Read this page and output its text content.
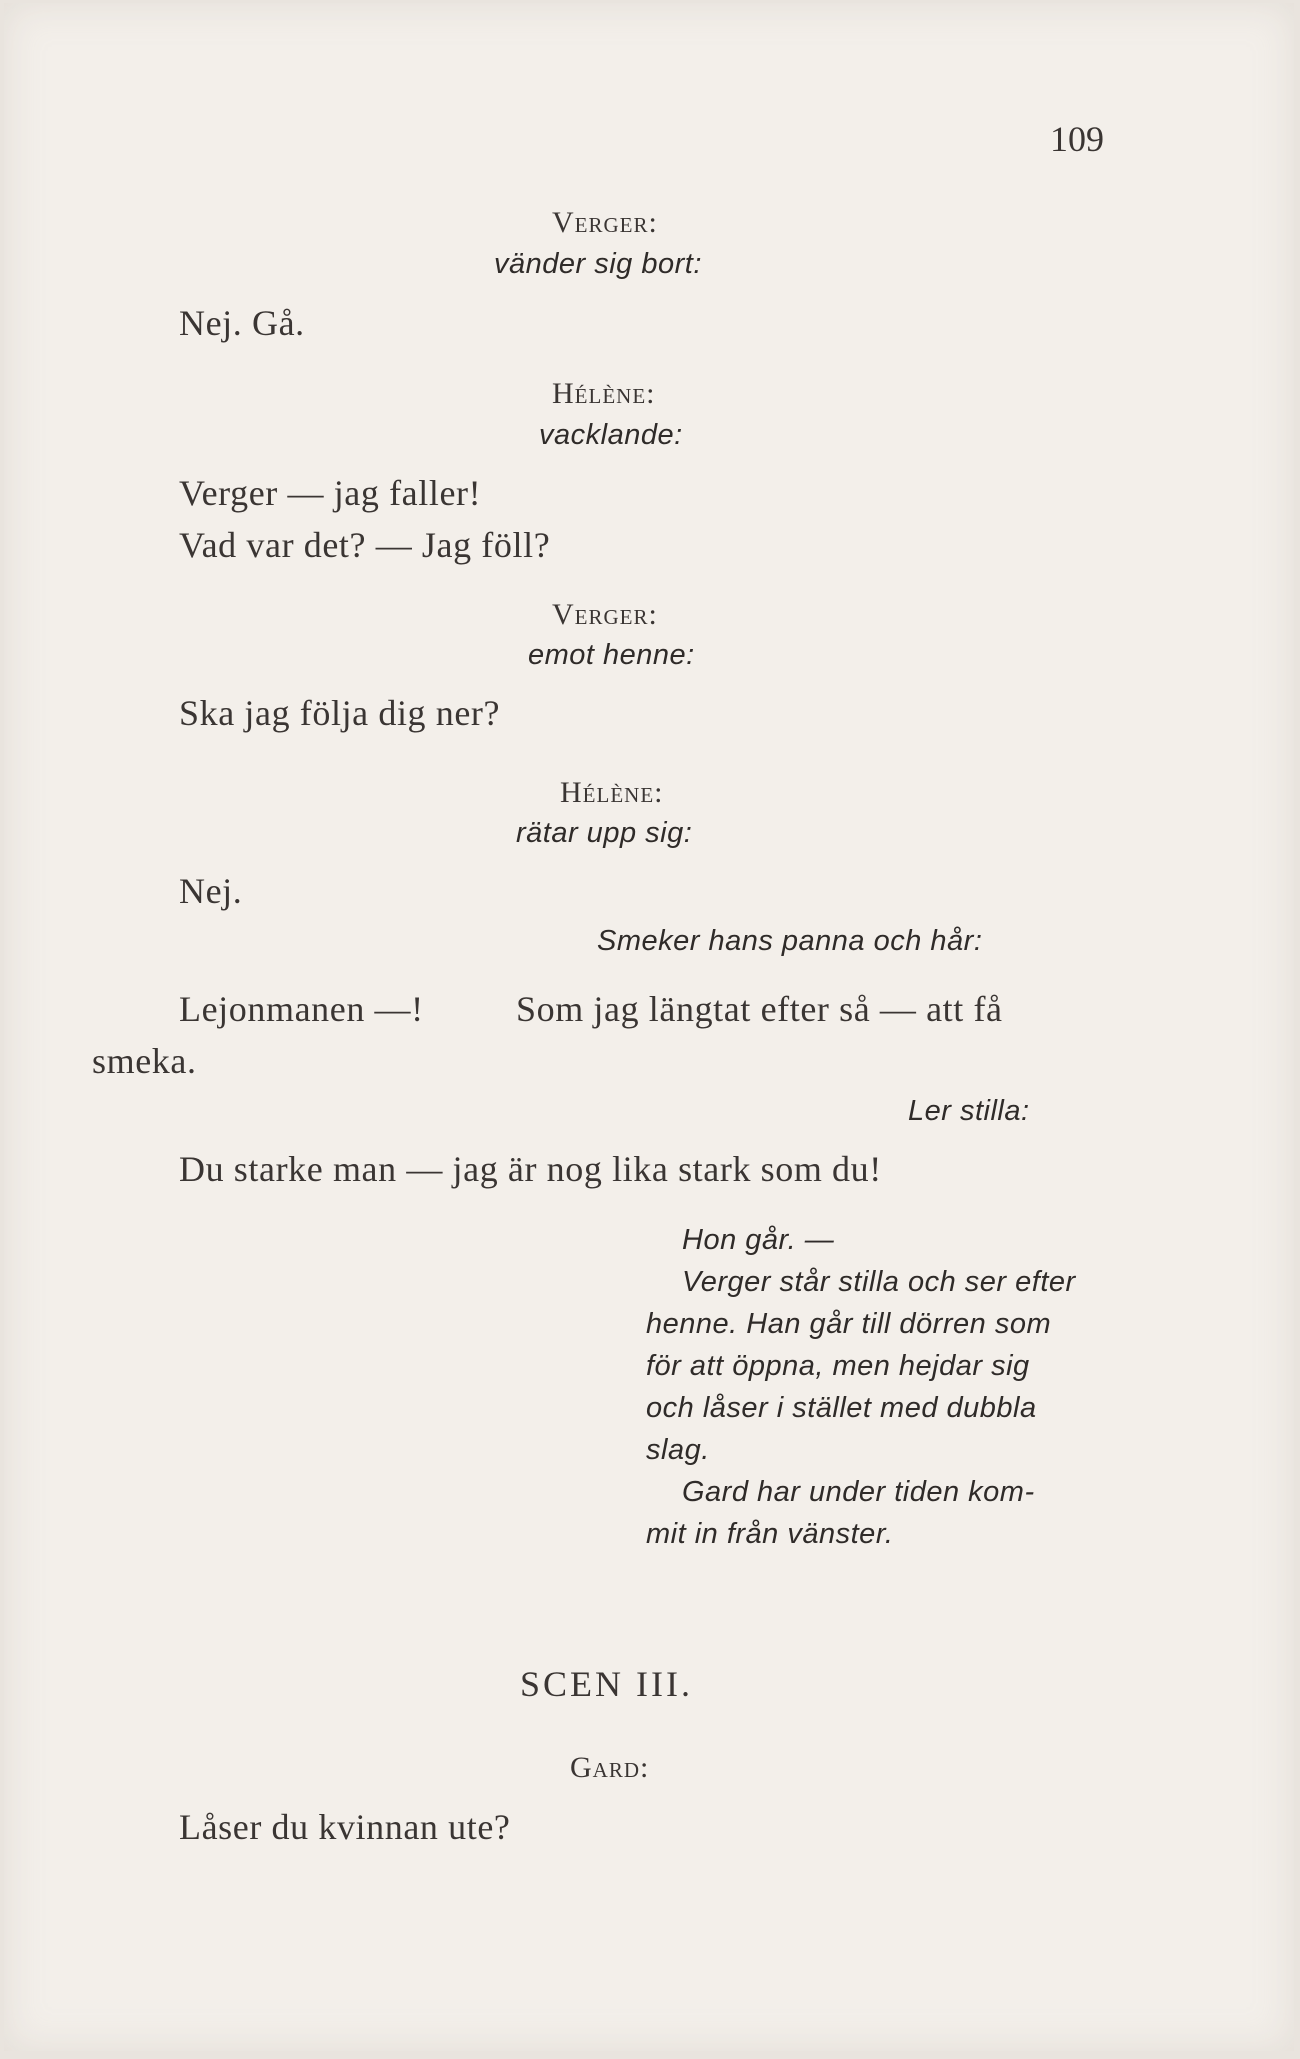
109
Verger:
vänder sig bort:
Nej. Gå.
Hélène:
vacklande:
Verger — jag faller!
Vad var det? — Jag föll?
Verger:
emot henne:
Ska jag följa dig ner?
Hélène:
rätar upp sig:
Nej.
Smeker hans panna och hår:
Lejonmanen —!	Som jag längtat efter så — att få
smeka.
Ler stilla:
Du starke man — jag är nog lika stark som du!
Hon går. —
Verger står stilla och ser efter
henne. Han går till dörren som
för att öppna, men hejdar sig
och låser i stället med dubbla
slag.
Gard har under tiden kom-
mit in från vänster.
SCEN III.
Gard:
Låser du kvinnan ute?
